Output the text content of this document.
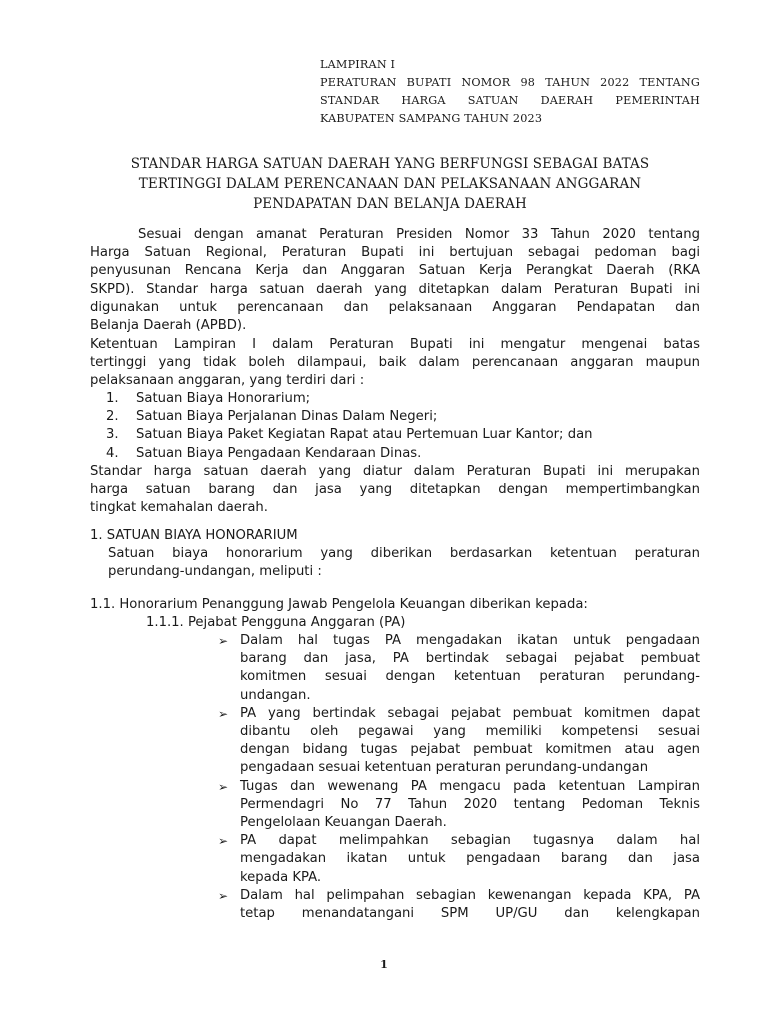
LAMPIRAN I
PERATURAN BUPATI NOMOR 98 TAHUN 2022 TENTANG
STANDAR HARGA SATUAN DAERAH PEMERINTAH
KABUPATEN SAMPANG TAHUN 2023
STANDAR HARGA SATUAN DAERAH YANG BERFUNGSI SEBAGAI BATAS
TERTINGGI DALAM PERENCANAAN DAN PELAKSANAAN ANGGARAN
PENDAPATAN DAN BELANJA DAERAH
Sesuai dengan amanat Peraturan Presiden Nomor 33 Tahun 2020 tentang
Harga Satuan Regional, Peraturan Bupati ini bertujuan sebagai pedoman bagi
penyusunan Rencana Kerja dan Anggaran Satuan Kerja Perangkat Daerah (RKA
SKPD). Standar harga satuan daerah yang ditetapkan dalam Peraturan Bupati ini
digunakan untuk perencanaan dan pelaksanaan Anggaran Pendapatan dan
Belanja Daerah (APBD).
Ketentuan Lampiran I dalam Peraturan Bupati ini mengatur mengenai batas
tertinggi yang tidak boleh dilampaui, baik dalam perencanaan anggaran maupun
pelaksanaan anggaran, yang terdiri dari :
1. Satuan Biaya Honorarium;
2. Satuan Biaya Perjalanan Dinas Dalam Negeri;
3. Satuan Biaya Paket Kegiatan Rapat atau Pertemuan Luar Kantor; dan
4. Satuan Biaya Pengadaan Kendaraan Dinas.
Standar harga satuan daerah yang diatur dalam Peraturan Bupati ini merupakan
harga satuan barang dan jasa yang ditetapkan dengan mempertimbangkan
tingkat kemahalan daerah.
1. SATUAN BIAYA HONORARIUM
Satuan biaya honorarium yang diberikan berdasarkan ketentuan peraturan
perundang-undangan, meliputi :
1.1. Honorarium Penanggung Jawab Pengelola Keuangan diberikan kepada:
1.1.1. Pejabat Pengguna Anggaran (PA)
➢ Dalam hal tugas PA mengadakan ikatan untuk pengadaan
barang dan jasa, PA bertindak sebagai pejabat pembuat
komitmen sesuai dengan ketentuan peraturan perundang-
undangan.
➢ PA yang bertindak sebagai pejabat pembuat komitmen dapat
dibantu oleh pegawai yang memiliki kompetensi sesuai
dengan bidang tugas pejabat pembuat komitmen atau agen
pengadaan sesuai ketentuan peraturan perundang-undangan
➢ Tugas dan wewenang PA mengacu pada ketentuan Lampiran
Permendagri No 77 Tahun 2020 tentang Pedoman Teknis
Pengelolaan Keuangan Daerah.
➢ PA dapat melimpahkan sebagian tugasnya dalam hal
mengadakan ikatan untuk pengadaan barang dan jasa
kepada KPA.
➢ Dalam hal pelimpahan sebagian kewenangan kepada KPA, PA
tetap menandatangani SPM UP/GU dan kelengkapan
1
